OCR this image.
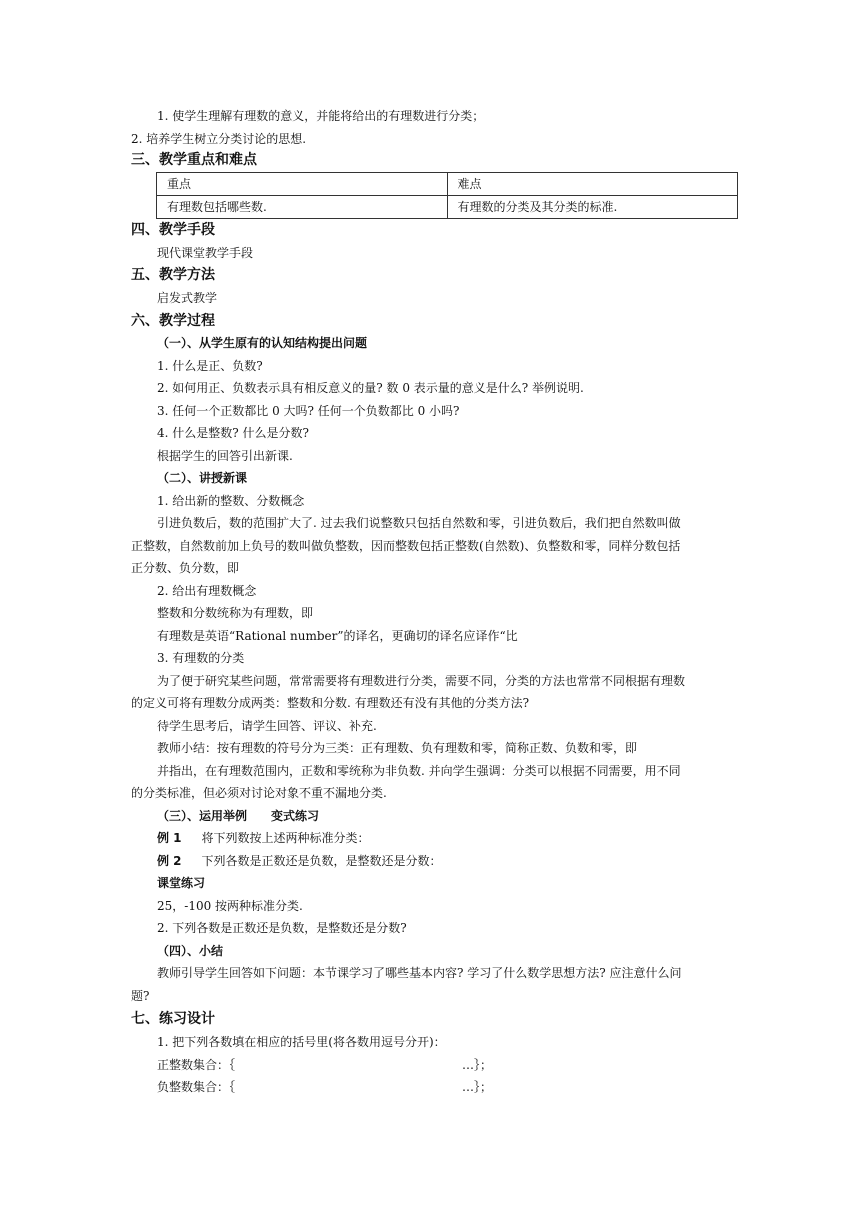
1. 使学生理解有理数的意义，并能将给出的有理数进行分类；
2. 培养学生树立分类讨论的思想.
三、教学重点和难点
重点	难点
有理数包括哪些数.	有理数的分类及其分类的标准.
四、教学手段
现代课堂教学手段
五、教学方法
启发式教学
六、教学过程
（一）、从学生原有的认知结构提出问题
1. 什么是正、负数?
2. 如何用正、负数表示具有相反意义的量? 数 0 表示量的意义是什么? 举例说明.
3. 任何一个正数都比 0 大吗? 任何一个负数都比 0 小吗?
4. 什么是整数? 什么是分数?
根据学生的回答引出新课.
（二）、讲授新课
1. 给出新的整数、分数概念
引进负数后，数的范围扩大了. 过去我们说整数只包括自然数和零，引进负数后，我们把自然数叫做
正整数，自然数前加上负号的数叫做负整数，因而整数包括正整数(自然数)、负整数和零，同样分数包括
正分数、负分数，即
2. 给出有理数概念
整数和分数统称为有理数，即
有理数是英语“Rational number”的译名，更确切的译名应译作“比
3. 有理数的分类
为了便于研究某些问题，常常需要将有理数进行分类，需要不同，分类的方法也常常不同根据有理数
的定义可将有理数分成两类：整数和分数. 有理数还有没有其他的分类方法?
待学生思考后，请学生回答、评议、补充.
教师小结：按有理数的符号分为三类：正有理数、负有理数和零，简称正数、负数和零，即
并指出，在有理数范围内，正数和零统称为非负数. 并向学生强调：分类可以根据不同需要，用不同
的分类标准，但必须对讨论对象不重不漏地分类.
（三）、运用举例　　变式练习
例 1 将下列数按上述两种标准分类：
例 2 下列各数是正数还是负数，是整数还是分数：
课堂练习
25，-100 按两种标准分类.
2. 下列各数是正数还是负数，是整数还是分数?
（四）、小结
教师引导学生回答如下问题：本节课学习了哪些基本内容? 学习了什么数学思想方法? 应注意什么问
题?
七、练习设计
1. 把下列各数填在相应的括号里(将各数用逗号分开)：
正整数集合：｛	…｝；
负整数集合：｛	…｝；
